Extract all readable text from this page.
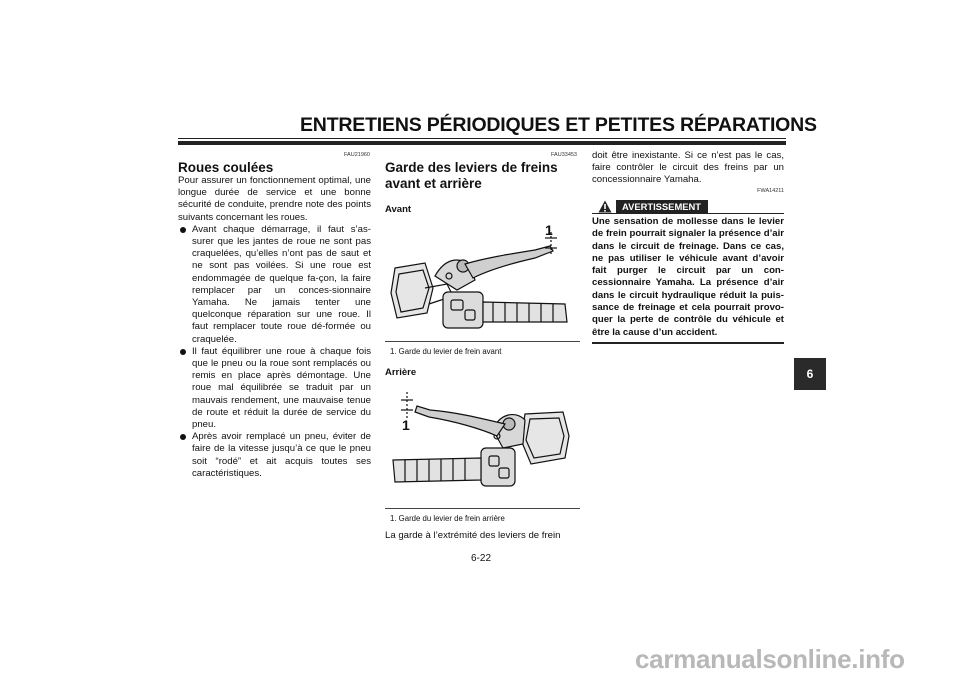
ENTRETIENS PÉRIODIQUES ET PETITES RÉPARATIONS
FAU21960
Roues coulées

Pour assurer un fonctionnement optimal, une longue durée de service et une bonne sécurité de conduite, prendre note des points suivants concernant les roues.

Avant chaque démarrage, il faut s’as-surer que les jantes de roue ne sont pas craquelées, qu’elles n’ont pas de saut et ne sont pas voilées. Si une roue est endommagée de quelque fa-çon, la faire remplacer par un conces-sionnaire Yamaha. Ne jamais tenter une quelconque réparation sur une roue. Il faut remplacer toute roue dé-formée ou craquelée.
Il faut équilibrer une roue à chaque fois que le pneu ou la roue sont remplacés ou remis en place après démontage. Une roue mal équilibrée se traduit par un mauvais rendement, une mauvaise tenue de route et réduit la durée de service du pneu.
Après avoir remplacé un pneu, éviter de faire de la vitesse jusqu’à ce que le pneu soit “rodé” et ait acquis toutes ses caractéristiques.
FAU33453
Garde des leviers de freins avant et arrière
Avant
1
1. Garde du levier de frein avant
Arrière
1
1. Garde du levier de frein arrière
La garde à l’extrémité des leviers de frein
doit être inexistante. Si ce n’est pas le cas, faire contrôler le circuit des freins par un concessionnaire Yamaha.
FWA14211
AVERTISSEMENT
Une sensation de mollesse dans le levier de frein pourrait signaler la présence d’air dans le circuit de freinage. Dans ce cas, ne pas utiliser le véhicule avant d’avoir fait purger le circuit par un con-cessionnaire Yamaha. La présence d’air dans le circuit hydraulique réduit la puis-sance de freinage et cela pourrait provo-quer la perte de contrôle du véhicule et être la cause d’un accident.
6
6-22
carmanualsonline.info
